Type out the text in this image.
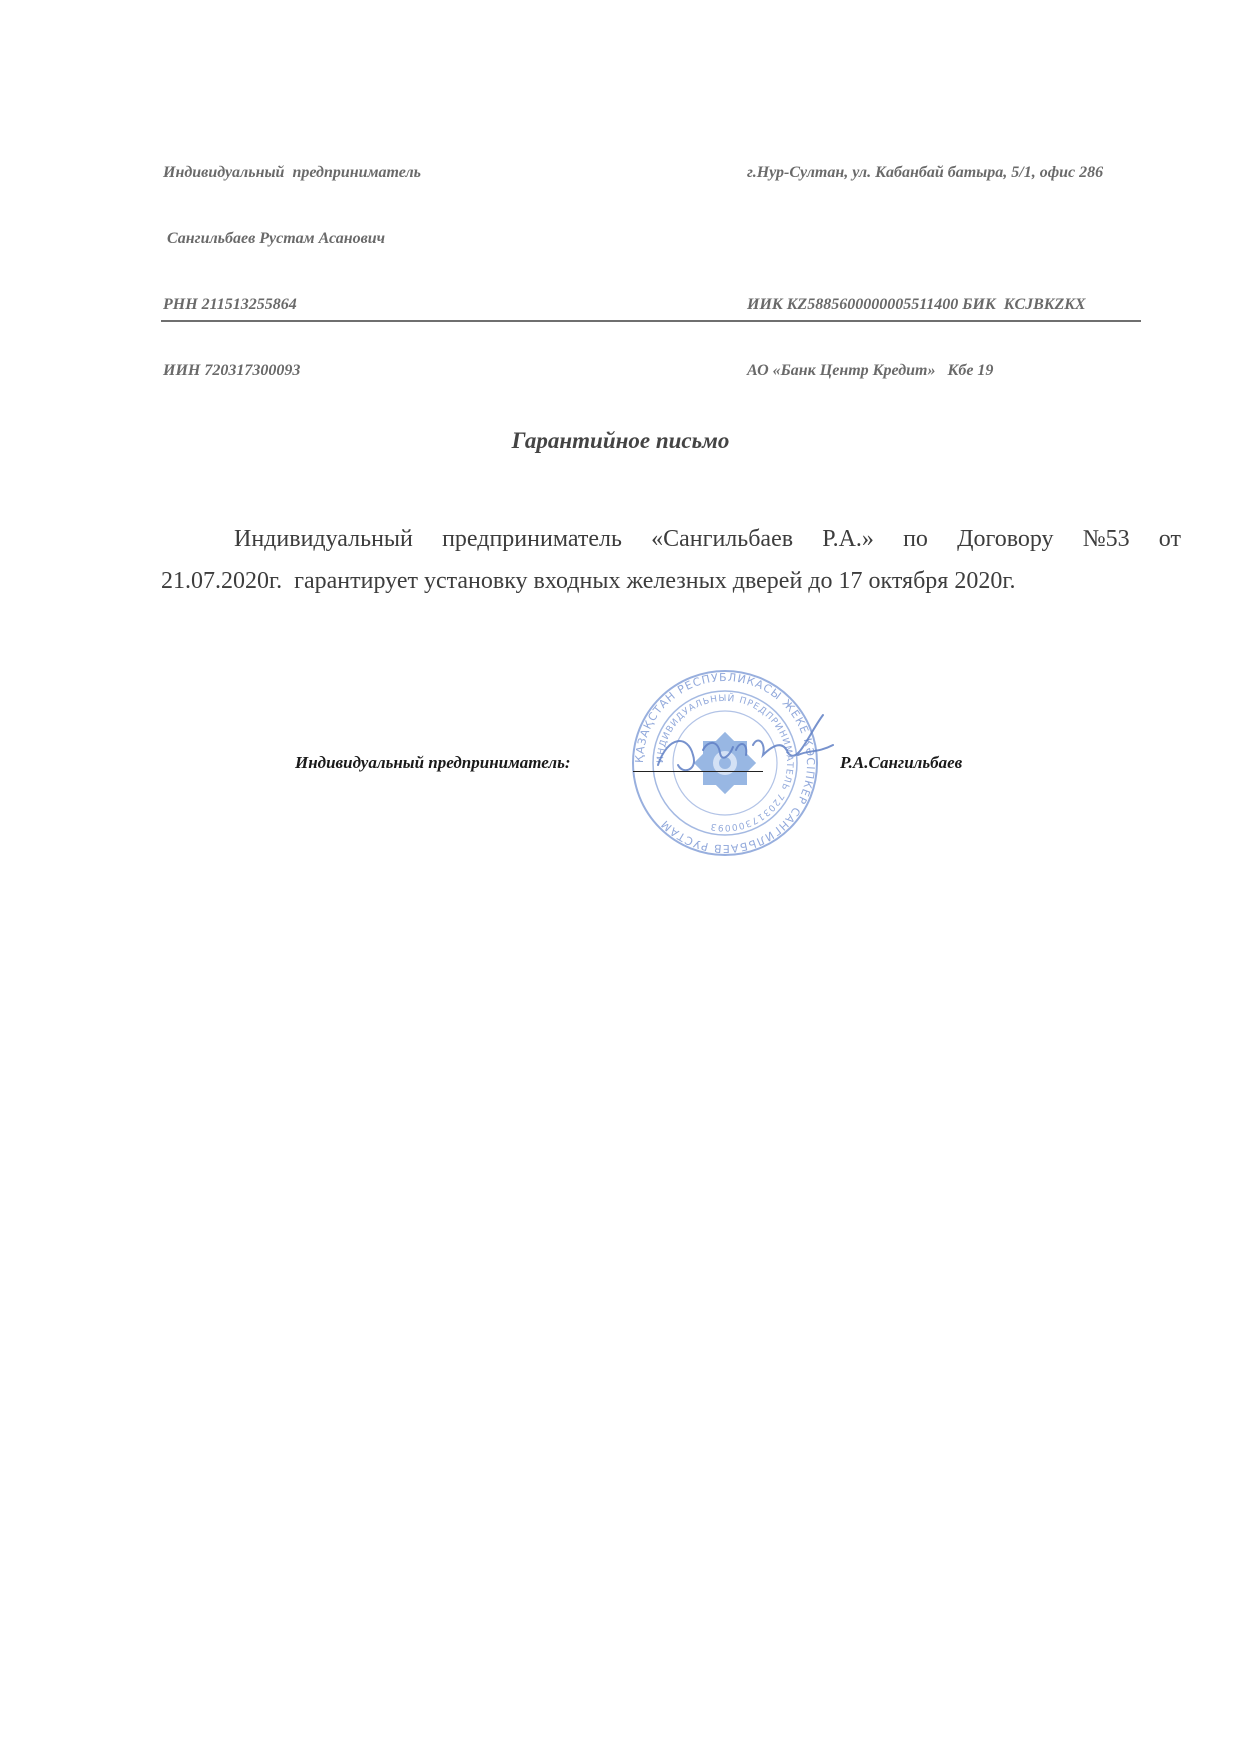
Индивидуальный  предприниматель

Сангильбаев Рустам Асанович

РНН 211513255864

ИИН 720317300093

г.Нур-Султан, ул. Кабанбай батыра, 5/1, офис 286

ИИК KZ5885600000005511400 БИК  KCJBKZKX

АО «Банк Центр Кредит»   Кбе 19

Гарантийное письмо
Индивидуальный предприниматель «Сангильбаев Р.А.» по Договору №53 от
21.07.2020г.  гарантирует установку входных железных дверей до 17 октября 2020г.
ҚАЗАҚСТАН РЕСПУБЛИКАСЫ ЖЕКЕ КӘСІПКЕР САНГИЛЬБАЕВ РУСТАМ
ИНДИВИДУАЛЬНЫЙ ПРЕДПРИНИМАТЕЛЬ 720317300093
Индивидуальный предприниматель:	Р.А.Сангильбаев
